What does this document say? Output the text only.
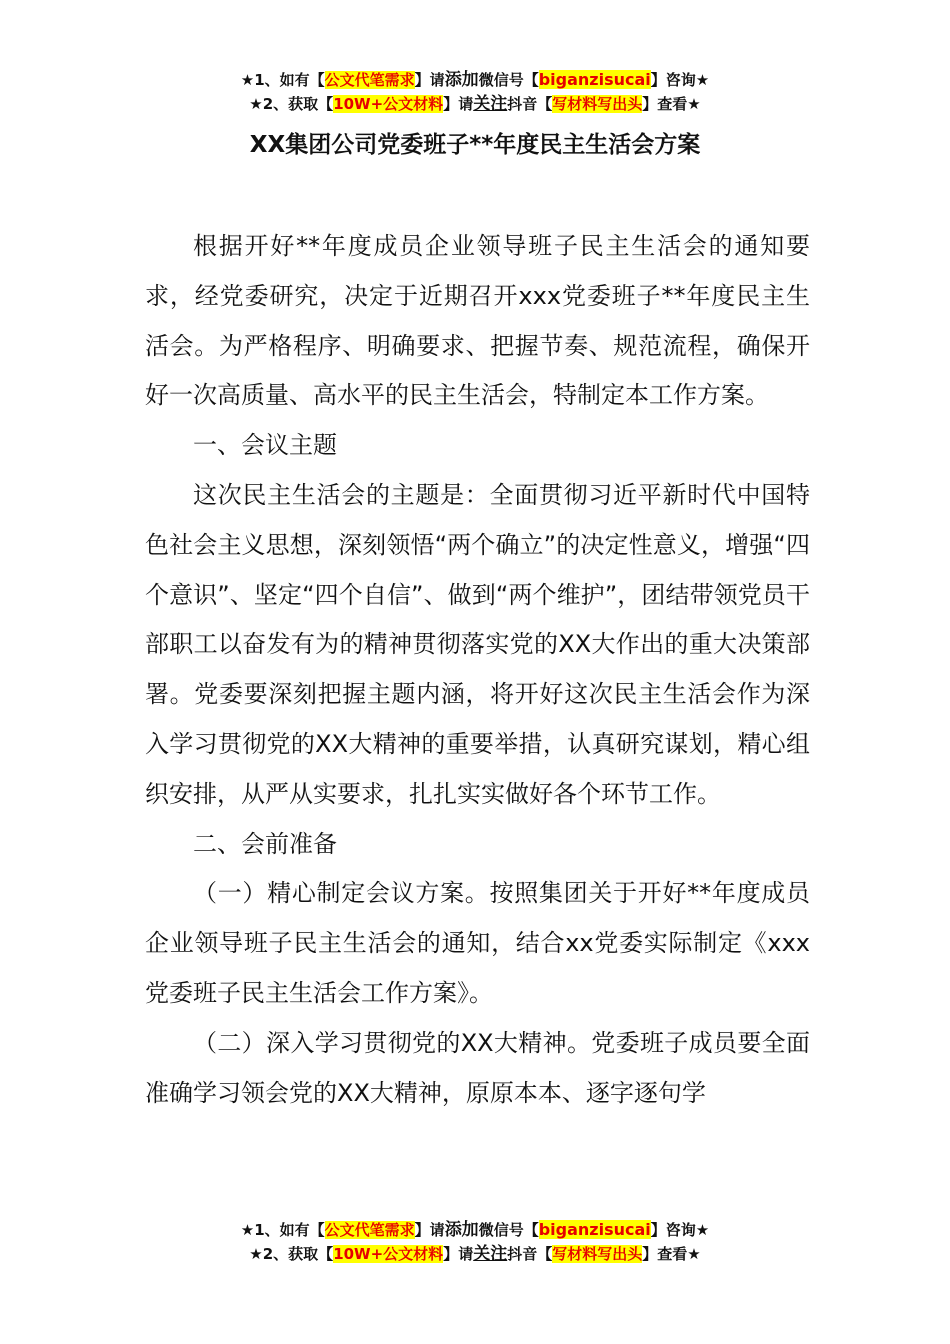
★1、如有【公文代笔需求】请添加微信号【biganzisucai】咨询★
★2、获取【10W+公文材料】请关注抖音【写材料写出头】查看★
XX集团公司党委班子**年度民主生活会方案

根据开好**年度成员企业领导班子民主生活会的通知要求，经党委研究，决定于近期召开xxx党委班子**年度民主生活会。为严格程序、明确要求、把握节奏、规范流程，确保开好一次高质量、高水平的民主生活会，特制定本工作方案。

一、会议主题

这次民主生活会的主题是：全面贯彻习近平新时代中国特色社会主义思想，深刻领悟“两个确立”的决定性意义，增强“四个意识”、坚定“四个自信”、做到“两个维护”，团结带领党员干部职工以奋发有为的精神贯彻落实党的XX大作出的重大决策部署。党委要深刻把握主题内涵，将开好这次民主生活会作为深入学习贯彻党的XX大精神的重要举措，认真研究谋划，精心组织安排，从严从实要求，扎扎实实做好各个环节工作。

二、会前准备

（一）精心制定会议方案。按照集团关于开好**年度成员企业领导班子民主生活会的通知，结合xx党委实际制定《xxx党委班子民主生活会工作方案》。

（二）深入学习贯彻党的XX大精神。党委班子成员要全面准确学习领会党的XX大精神，原原本本、逐字逐句学

★1、如有【公文代笔需求】请添加微信号【biganzisucai】咨询★
★2、获取【10W+公文材料】请关注抖音【写材料写出头】查看★
